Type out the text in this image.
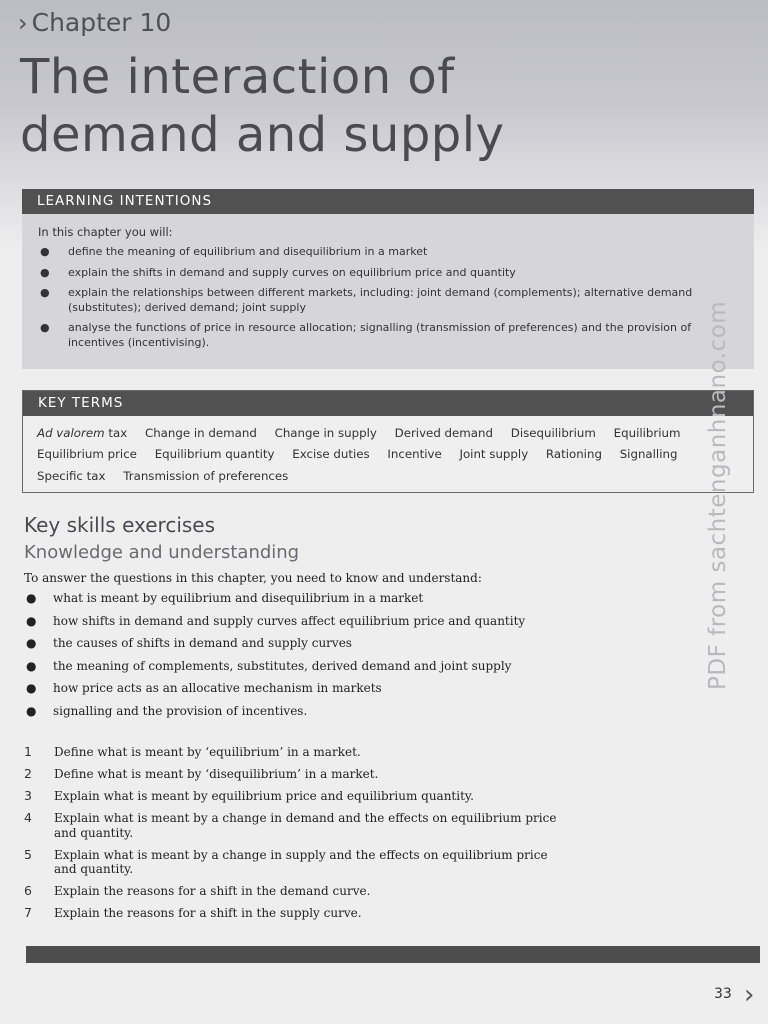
› Chapter 10
The interaction of
demand and supply
LEARNING INTENTIONS
In this chapter you will:
● define the meaning of equilibrium and disequilibrium in a market
● explain the shifts in demand and supply curves on equilibrium price and quantity
● explain the relationships between different markets, including: joint demand (complements); alternative demand (substitutes); derived demand; joint supply
● analyse the functions of price in resource allocation; signalling (transmission of preferences) and the provision of incentives (incentivising).
KEY TERMS
Ad valorem tax Change in demand Change in supply Derived demand Disequilibrium Equilibrium
Equilibrium price Equilibrium quantity Excise duties Incentive Joint supply Rationing Signalling
Specific tax Transmission of preferences
Key skills exercises
Knowledge and understanding
To answer the questions in this chapter, you need to know and understand:
● what is meant by equilibrium and disequilibrium in a market
● how shifts in demand and supply curves affect equilibrium price and quantity
● the causes of shifts in demand and supply curves
● the meaning of complements, substitutes, derived demand and joint supply
● how price acts as an allocative mechanism in markets
● signalling and the provision of incentives.
1 Define what is meant by ‘equilibrium’ in a market.
2 Define what is meant by ‘disequilibrium’ in a market.
3 Explain what is meant by equilibrium price and equilibrium quantity.
4 Explain what is meant by a change in demand and the effects on equilibrium price and quantity.
5 Explain what is meant by a change in supply and the effects on equilibrium price and quantity.
6 Explain the reasons for a shift in the demand curve.
7 Explain the reasons for a shift in the supply curve.
33 ›
PDF from sachtenganhnano.com
